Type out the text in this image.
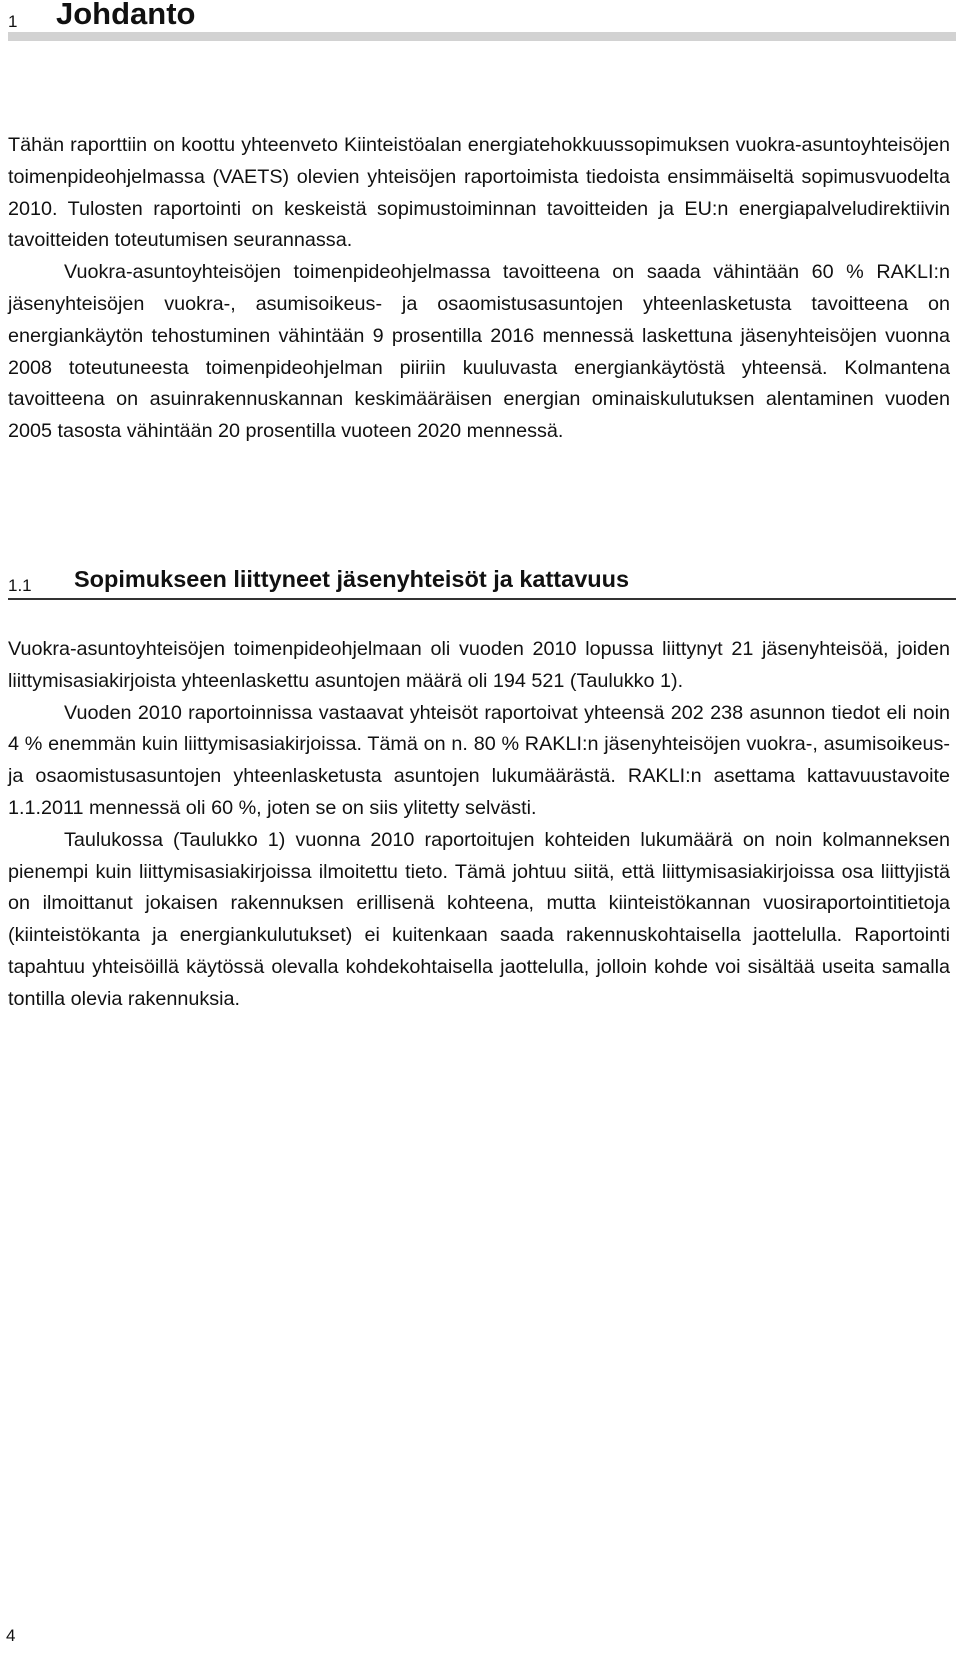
1 Johdanto

Tähän raporttiin on koottu yhteenveto Kiinteistöalan energiatehokkuussopimuksen vuokra-asuntoyhteisöjen toimenpideohjelmassa (VAETS) olevien yhteisöjen raportoimista tiedoista ensimmäiseltä sopimusvuodelta 2010. Tulosten raportointi on keskeistä sopimustoiminnan tavoitteiden ja EU:n energiapalveludirektiivin tavoitteiden toteutumisen seurannassa.

Vuokra-asuntoyhteisöjen toimenpideohjelmassa tavoitteena on saada vähintään 60 % RAKLI:n jäsenyhteisöjen vuokra-, asumisoikeus- ja osaomistusasuntojen yhteenlasketusta tavoitteena on energiankäytön tehostuminen vähintään 9 prosentilla 2016 mennessä laskettuna jäsenyhteisöjen vuonna 2008 toteutuneesta toimenpideohjelman piiriin kuuluvasta energiankäytöstä yhteensä. Kolmantena tavoitteena on asuinrakennuskannan keskimääräisen energian ominaiskulutuksen alentaminen vuoden 2005 tasosta vähintään 20 prosentilla vuoteen 2020 mennessä.

1.1 Sopimukseen liittyneet jäsenyhteisöt ja kattavuus

Vuokra-asuntoyhteisöjen toimenpideohjelmaan oli vuoden 2010 lopussa liittynyt 21 jäsenyhteisöä, joiden liittymisasiakirjoista yhteenlaskettu asuntojen määrä oli 194 521 (Taulukko 1).

Vuoden 2010 raportoinnissa vastaavat yhteisöt raportoivat yhteensä 202 238 asunnon tiedot eli noin 4 % enemmän kuin liittymisasiakirjoissa. Tämä on n. 80 % RAKLI:n jäsenyhteisöjen vuokra-, asumisoikeus- ja osaomistusasuntojen yhteenlasketusta asuntojen lukumäärästä. RAKLI:n asettama kattavuustavoite 1.1.2011 mennessä oli 60 %, joten se on siis ylitetty selvästi.

Taulukossa (Taulukko 1) vuonna 2010 raportoitujen kohteiden lukumäärä on noin kolmanneksen pienempi kuin liittymisasiakirjoissa ilmoitettu tieto. Tämä johtuu siitä, että liittymisasiakirjoissa osa liittyjistä on ilmoittanut jokaisen rakennuksen erillisenä kohteena, mutta kiinteistökannan vuosiraportointitietoja (kiinteistökanta ja energiankulutukset) ei kuitenkaan saada rakennuskohtaisella jaottelulla. Raportointi tapahtuu yhteisöillä käytössä olevalla kohdekohtaisella jaottelulla, jolloin kohde voi sisältää useita samalla tontilla olevia rakennuksia.

4
